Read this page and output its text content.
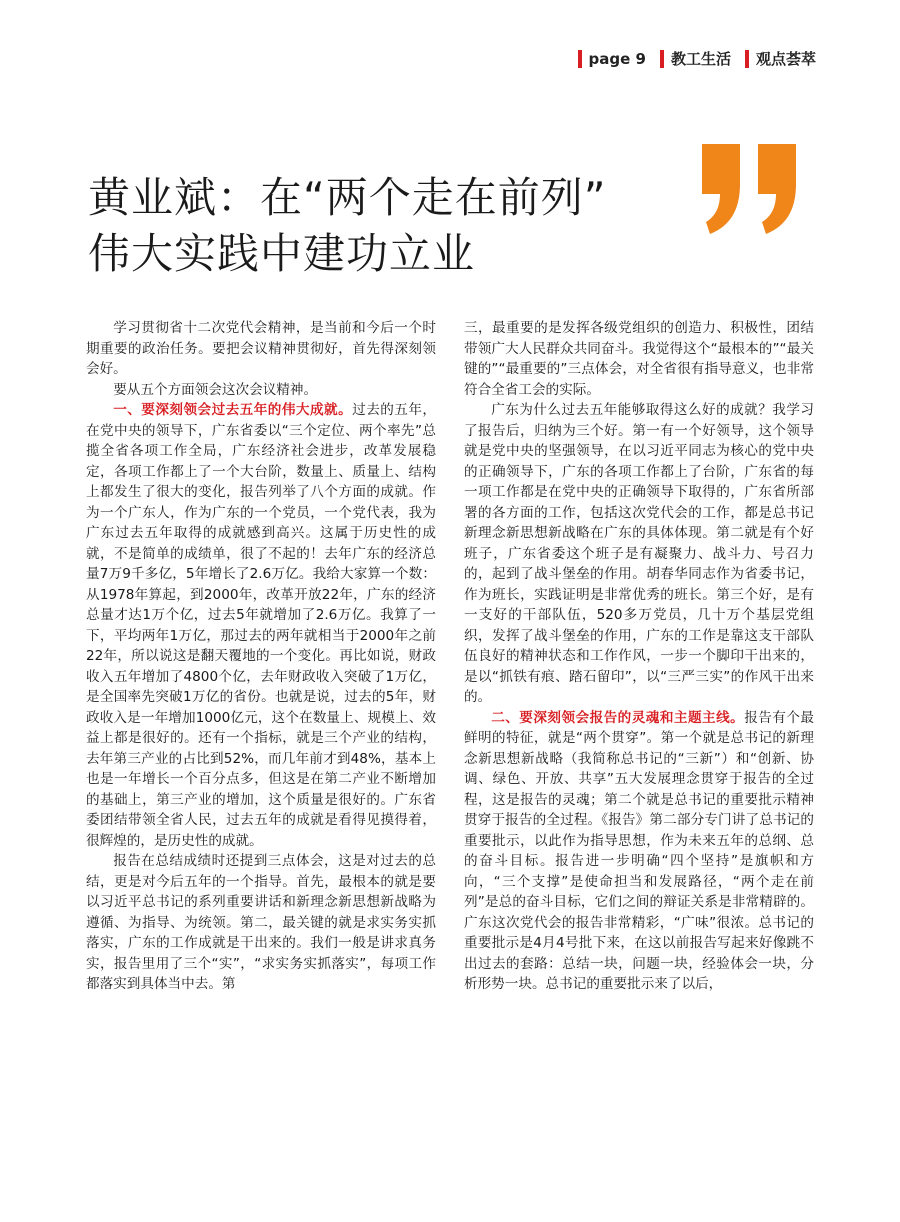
page 9 教工生活 观点荟萃
黄业斌：在“两个走在前列”
伟大实践中建功立业

学习贯彻省十二次党代会精神，是当前和今后一个时期重要的政治任务。要把会议精神贯彻好，首先得深刻领会好。

要从五个方面领会这次会议精神。

一、要深刻领会过去五年的伟大成就。过去的五年，在党中央的领导下，广东省委以“三个定位、两个率先”总揽全省各项工作全局，广东经济社会进步，改革发展稳定，各项工作都上了一个大台阶，数量上、质量上、结构上都发生了很大的变化，报告列举了八个方面的成就。作为一个广东人，作为广东的一个党员，一个党代表，我为广东过去五年取得的成就感到高兴。这属于历史性的成就，不是简单的成绩单，很了不起的！去年广东的经济总量7万9千多亿，5年增长了2.6万亿。我给大家算一个数：从1978年算起，到2000年，改革开放22年，广东的经济总量才达1万个亿，过去5年就增加了2.6万亿。我算了一下，平均两年1万亿，那过去的两年就相当于2000年之前22年，所以说这是翻天覆地的一个变化。再比如说，财政收入五年增加了4800个亿，去年财政收入突破了1万亿，是全国率先突破1万亿的省份。也就是说，过去的5年，财政收入是一年增加1000亿元，这个在数量上、规模上、效益上都是很好的。还有一个指标，就是三个产业的结构，去年第三产业的占比到52%，而几年前才到48%，基本上也是一年增长一个百分点多，但这是在第二产业不断增加的基础上，第三产业的增加，这个质量是很好的。广东省委团结带领全省人民，过去五年的成就是看得见摸得着，很辉煌的，是历史性的成就。

报告在总结成绩时还提到三点体会，这是对过去的总结，更是对今后五年的一个指导。首先，最根本的就是要以习近平总书记的系列重要讲话和新理念新思想新战略为遵循、为指导、为统领。第二，最关键的就是求实务实抓落实，广东的工作成就是干出来的。我们一般是讲求真务实，报告里用了三个“实”，“求实务实抓落实”，每项工作都落实到具体当中去。第

三，最重要的是发挥各级党组织的创造力、积极性，团结带领广大人民群众共同奋斗。我觉得这个“最根本的”“最关键的”“最重要的”三点体会，对全省很有指导意义，也非常符合全省工会的实际。

广东为什么过去五年能够取得这么好的成就？我学习了报告后，归纳为三个好。第一有一个好领导，这个领导就是党中央的坚强领导，在以习近平同志为核心的党中央的正确领导下，广东的各项工作都上了台阶，广东省的每一项工作都是在党中央的正确领导下取得的，广东省所部署的各方面的工作，包括这次党代会的工作，都是总书记新理念新思想新战略在广东的具体体现。第二就是有个好班子，广东省委这个班子是有凝聚力、战斗力、号召力的，起到了战斗堡垒的作用。胡春华同志作为省委书记，作为班长，实践证明是非常优秀的班长。第三个好，是有一支好的干部队伍，520多万党员，几十万个基层党组织，发挥了战斗堡垒的作用，广东的工作是靠这支干部队伍良好的精神状态和工作作风，一步一个脚印干出来的，是以“抓铁有痕、踏石留印”，以“三严三实”的作风干出来的。

二、要深刻领会报告的灵魂和主题主线。报告有个最鲜明的特征，就是“两个贯穿”。第一个就是总书记的新理念新思想新战略（我简称总书记的“三新”）和“创新、协调、绿色、开放、共享”五大发展理念贯穿于报告的全过程，这是报告的灵魂；第二个就是总书记的重要批示精神贯穿于报告的全过程。《报告》第二部分专门讲了总书记的重要批示，以此作为指导思想，作为未来五年的总纲、总的奋斗目标。报告进一步明确“四个坚持”是旗帜和方向，“三个支撑”是使命担当和发展路径，“两个走在前列”是总的奋斗目标，它们之间的辩证关系是非常精辟的。广东这次党代会的报告非常精彩，“广味”很浓。总书记的重要批示是4月4号批下来，在这以前报告写起来好像跳不出过去的套路：总结一块，问题一块，经验体会一块，分析形势一块。总书记的重要批示来了以后，
